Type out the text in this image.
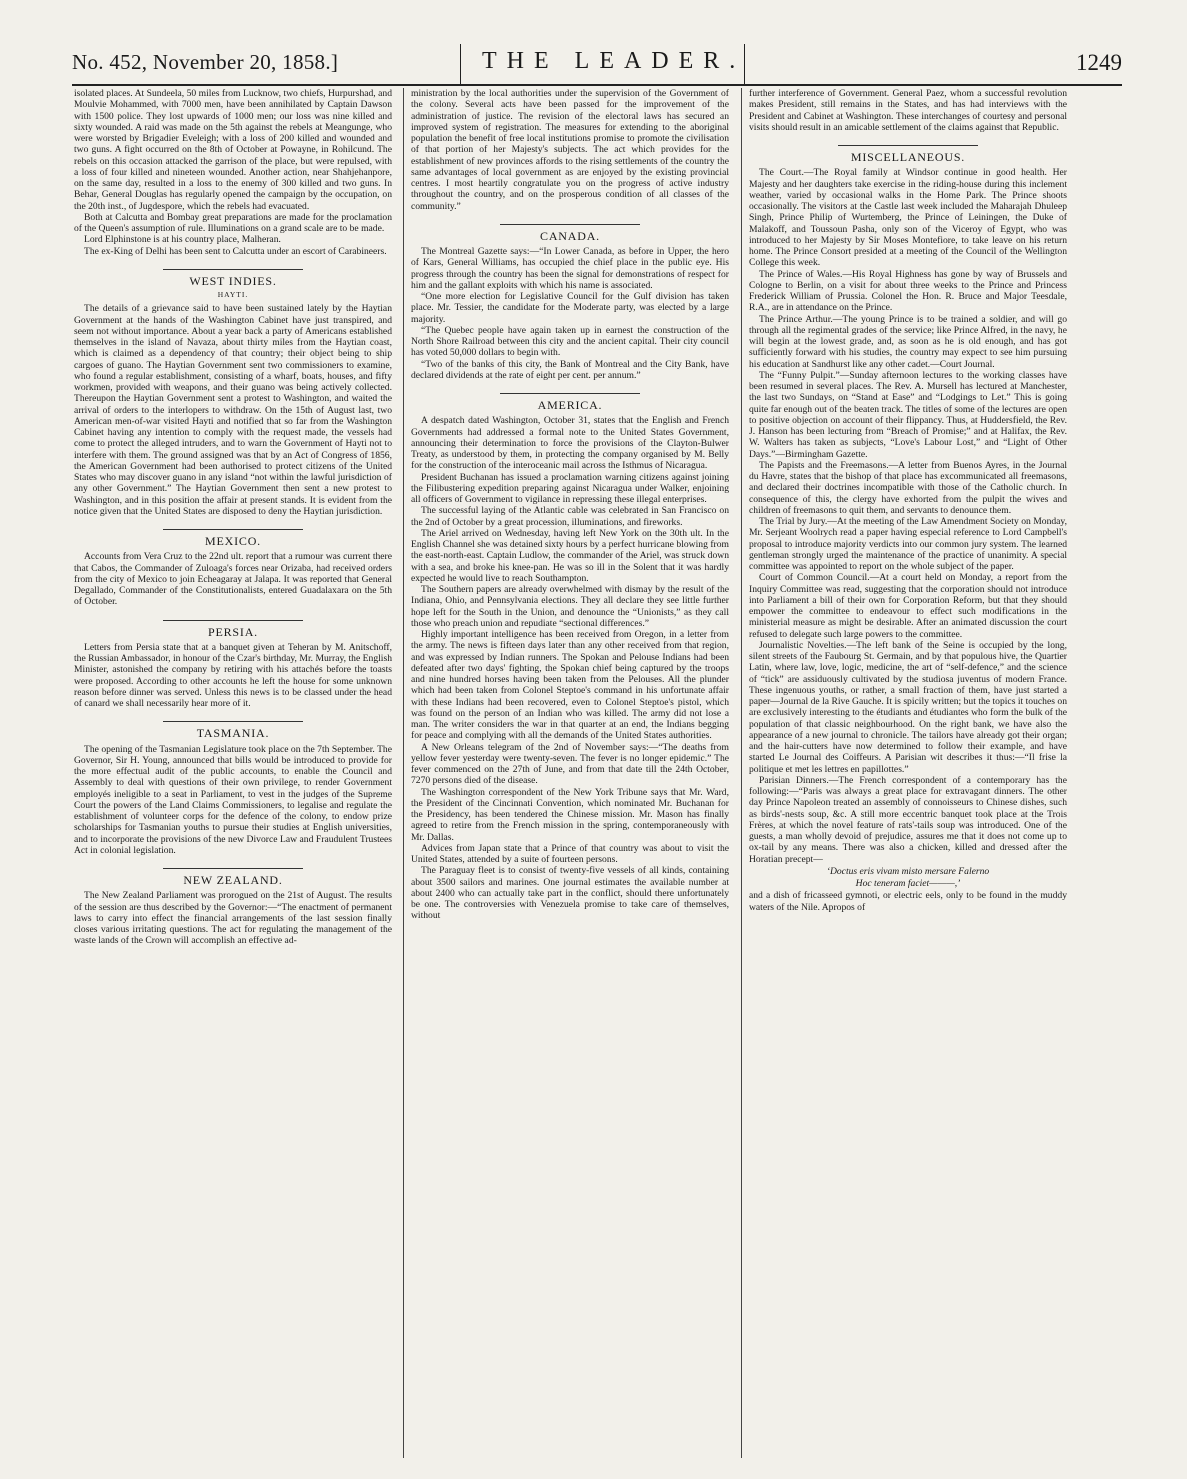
No. 452, November 20, 1858.]	THE LEADER.	1249

isolated places. At Sundeela, 50 miles from Lucknow, two chiefs, Hurpurshad, and Moulvie Mohammed, with 7000 men, have been annihilated by Captain Dawson with 1500 police. They lost upwards of 1000 men; our loss was nine killed and sixty wounded. A raid was made on the 5th against the rebels at Meangunge, who were worsted by Brigadier Eveleigh; with a loss of 200 killed and wounded and two guns. A fight occurred on the 8th of October at Powayne, in Rohilcund. The rebels on this occasion attacked the garrison of the place, but were repulsed, with a loss of four killed and nineteen wounded. Another action, near Shahjehanpore, on the same day, resulted in a loss to the enemy of 300 killed and two guns. In Behar, General Douglas has regularly opened the campaign by the occupation, on the 20th inst., of Jugdespore, which the rebels had evacuated.

Both at Calcutta and Bombay great preparations are made for the proclamation of the Queen's assumption of rule. Illuminations on a grand scale are to be made.

Lord Elphinstone is at his country place, Malheran.

The ex-King of Delhi has been sent to Calcutta under an escort of Carabineers.

WEST INDIES.
HAYTI.

The details of a grievance said to have been sustained lately by the Haytian Government at the hands of the Washington Cabinet have just transpired, and seem not without importance. About a year back a party of Americans established themselves in the island of Navaza, about thirty miles from the Haytian coast, which is claimed as a dependency of that country; their object being to ship cargoes of guano. The Haytian Government sent two commissioners to examine, who found a regular establishment, consisting of a wharf, boats, houses, and fifty workmen, provided with weapons, and their guano was being actively collected. Thereupon the Haytian Government sent a protest to Washington, and waited the arrival of orders to the interlopers to withdraw. On the 15th of August last, two American men-of-war visited Hayti and notified that so far from the Washington Cabinet having any intention to comply with the request made, the vessels had come to protect the alleged intruders, and to warn the Government of Hayti not to interfere with them. The ground assigned was that by an Act of Congress of 1856, the American Government had been authorised to protect citizens of the United States who may discover guano in any island “not within the lawful jurisdiction of any other Government.” The Haytian Government then sent a new protest to Washington, and in this position the affair at present stands. It is evident from the notice given that the United States are disposed to deny the Haytian jurisdiction.

MEXICO.

Accounts from Vera Cruz to the 22nd ult. report that a rumour was current there that Cabos, the Commander of Zuloaga's forces near Orizaba, had received orders from the city of Mexico to join Echeagaray at Jalapa. It was reported that General Degallado, Commander of the Constitutionalists, entered Guadalaxara on the 5th of October.

PERSIA.

Letters from Persia state that at a banquet given at Teheran by M. Anitschoff, the Russian Ambassador, in honour of the Czar's birthday, Mr. Murray, the English Minister, astonished the company by retiring with his attachés before the toasts were proposed. According to other accounts he left the house for some unknown reason before dinner was served. Unless this news is to be classed under the head of canard we shall necessarily hear more of it.

TASMANIA.

The opening of the Tasmanian Legislature took place on the 7th September. The Governor, Sir H. Young, announced that bills would be introduced to provide for the more effectual audit of the public accounts, to enable the Council and Assembly to deal with questions of their own privilege, to render Government employés ineligible to a seat in Parliament, to vest in the judges of the Supreme Court the powers of the Land Claims Commissioners, to legalise and regulate the establishment of volunteer corps for the defence of the colony, to endow prize scholarships for Tasmanian youths to pursue their studies at English universities, and to incorporate the provisions of the new Divorce Law and Fraudulent Trustees Act in colonial legislation.

NEW ZEALAND.

The New Zealand Parliament was prorogued on the 21st of August. The results of the session are thus described by the Governor:—“The enactment of permanent laws to carry into effect the financial arrangements of the last session finally closes various irritating questions. The act for regulating the management of the waste lands of the Crown will accomplish an effective ad-

ministration by the local authorities under the supervision of the Government of the colony. Several acts have been passed for the improvement of the administration of justice. The revision of the electoral laws has secured an improved system of registration. The measures for extending to the aboriginal population the benefit of free local institutions promise to promote the civilisation of that portion of her Majesty's subjects. The act which provides for the establishment of new provinces affords to the rising settlements of the country the same advantages of local government as are enjoyed by the existing provincial centres. I most heartily congratulate you on the progress of active industry throughout the country, and on the prosperous condition of all classes of the community.”

CANADA.

The Montreal Gazette says:—“In Lower Canada, as before in Upper, the hero of Kars, General Williams, has occupied the chief place in the public eye. His progress through the country has been the signal for demonstrations of respect for him and the gallant exploits with which his name is associated.

“One more election for Legislative Council for the Gulf division has taken place. Mr. Tessier, the candidate for the Moderate party, was elected by a large majority.

“The Quebec people have again taken up in earnest the construction of the North Shore Railroad between this city and the ancient capital. Their city council has voted 50,000 dollars to begin with.

“Two of the banks of this city, the Bank of Montreal and the City Bank, have declared dividends at the rate of eight per cent. per annum.”

AMERICA.

A despatch dated Washington, October 31, states that the English and French Governments had addressed a formal note to the United States Government, announcing their determination to force the provisions of the Clayton-Bulwer Treaty, as understood by them, in protecting the company organised by M. Belly for the construction of the interoceanic mail across the Isthmus of Nicaragua.

President Buchanan has issued a proclamation warning citizens against joining the Filibustering expedition preparing against Nicaragua under Walker, enjoining all officers of Government to vigilance in repressing these illegal enterprises.

The successful laying of the Atlantic cable was celebrated in San Francisco on the 2nd of October by a great procession, illuminations, and fireworks.

The Ariel arrived on Wednesday, having left New York on the 30th ult. In the English Channel she was detained sixty hours by a perfect hurricane blowing from the east-north-east. Captain Ludlow, the commander of the Ariel, was struck down with a sea, and broke his knee-pan. He was so ill in the Solent that it was hardly expected he would live to reach Southampton.

The Southern papers are already overwhelmed with dismay by the result of the Indiana, Ohio, and Pennsylvania elections. They all declare they see little further hope left for the South in the Union, and denounce the “Unionists,” as they call those who preach union and repudiate “sectional differences.”

Highly important intelligence has been received from Oregon, in a letter from the army. The news is fifteen days later than any other received from that region, and was expressed by Indian runners. The Spokan and Pelouse Indians had been defeated after two days' fighting, the Spokan chief being captured by the troops and nine hundred horses having been taken from the Pelouses. All the plunder which had been taken from Colonel Steptoe's command in his unfortunate affair with these Indians had been recovered, even to Colonel Steptoe's pistol, which was found on the person of an Indian who was killed. The army did not lose a man. The writer considers the war in that quarter at an end, the Indians begging for peace and complying with all the demands of the United States authorities.

A New Orleans telegram of the 2nd of November says:—“The deaths from yellow fever yesterday were twenty-seven. The fever is no longer epidemic.” The fever commenced on the 27th of June, and from that date till the 24th October, 7270 persons died of the disease.

The Washington correspondent of the New York Tribune says that Mr. Ward, the President of the Cincinnati Convention, which nominated Mr. Buchanan for the Presidency, has been tendered the Chinese mission. Mr. Mason has finally agreed to retire from the French mission in the spring, contemporaneously with Mr. Dallas.

Advices from Japan state that a Prince of that country was about to visit the United States, attended by a suite of fourteen persons.

The Paraguay fleet is to consist of twenty-five vessels of all kinds, containing about 3500 sailors and marines. One journal estimates the available number at about 2400 who can actually take part in the conflict, should there unfortunately be one. The controversies with Venezuela promise to take care of themselves, without

further interference of Government. General Paez, whom a successful revolution makes President, still remains in the States, and has had interviews with the President and Cabinet at Washington. These interchanges of courtesy and personal visits should result in an amicable settlement of the claims against that Republic.

MISCELLANEOUS.

The Court.—The Royal family at Windsor continue in good health. Her Majesty and her daughters take exercise in the riding-house during this inclement weather, varied by occasional walks in the Home Park. The Prince shoots occasionally. The visitors at the Castle last week included the Maharajah Dhuleep Singh, Prince Philip of Wurtemberg, the Prince of Leiningen, the Duke of Malakoff, and Toussoun Pasha, only son of the Viceroy of Egypt, who was introduced to her Majesty by Sir Moses Montefiore, to take leave on his return home. The Prince Consort presided at a meeting of the Council of the Wellington College this week.

The Prince of Wales.—His Royal Highness has gone by way of Brussels and Cologne to Berlin, on a visit for about three weeks to the Prince and Princess Frederick William of Prussia. Colonel the Hon. R. Bruce and Major Teesdale, R.A., are in attendance on the Prince.

The Prince Arthur.—The young Prince is to be trained a soldier, and will go through all the regimental grades of the service; like Prince Alfred, in the navy, he will begin at the lowest grade, and, as soon as he is old enough, and has got sufficiently forward with his studies, the country may expect to see him pursuing his education at Sandhurst like any other cadet.—Court Journal.

The “Funny Pulpit.”—Sunday afternoon lectures to the working classes have been resumed in several places. The Rev. A. Mursell has lectured at Manchester, the last two Sundays, on “Stand at Ease” and “Lodgings to Let.” This is going quite far enough out of the beaten track. The titles of some of the lectures are open to positive objection on account of their flippancy. Thus, at Huddersfield, the Rev. J. Hanson has been lecturing from “Breach of Promise;” and at Halifax, the Rev. W. Walters has taken as subjects, “Love's Labour Lost,” and “Light of Other Days.”—Birmingham Gazette.

The Papists and the Freemasons.—A letter from Buenos Ayres, in the Journal du Havre, states that the bishop of that place has excommunicated all freemasons, and declared their doctrines incompatible with those of the Catholic church. In consequence of this, the clergy have exhorted from the pulpit the wives and children of freemasons to quit them, and servants to denounce them.

The Trial by Jury.—At the meeting of the Law Amendment Society on Monday, Mr. Serjeant Woolrych read a paper having especial reference to Lord Campbell's proposal to introduce majority verdicts into our common jury system. The learned gentleman strongly urged the maintenance of the practice of unanimity. A special committee was appointed to report on the whole subject of the paper.

Court of Common Council.—At a court held on Monday, a report from the Inquiry Committee was read, suggesting that the corporation should not introduce into Parliament a bill of their own for Corporation Reform, but that they should empower the committee to endeavour to effect such modifications in the ministerial measure as might be desirable. After an animated discussion the court refused to delegate such large powers to the committee.

Journalistic Novelties.—The left bank of the Seine is occupied by the long, silent streets of the Faubourg St. Germain, and by that populous hive, the Quartier Latin, where law, love, logic, medicine, the art of “self-defence,” and the science of “tick” are assiduously cultivated by the studiosa juventus of modern France. These ingenuous youths, or rather, a small fraction of them, have just started a paper—Journal de la Rive Gauche. It is spicily written; but the topics it touches on are exclusively interesting to the étudiants and étudiantes who form the bulk of the population of that classic neighbourhood. On the right bank, we have also the appearance of a new journal to chronicle. The tailors have already got their organ; and the hair-cutters have now determined to follow their example, and have started Le Journal des Coiffeurs. A Parisian wit describes it thus:—“Il frise la politique et met les lettres en papillottes.”

Parisian Dinners.—The French correspondent of a contemporary has the following:—“Paris was always a great place for extravagant dinners. The other day Prince Napoleon treated an assembly of connoisseurs to Chinese dishes, such as birds'-nests soup, &c. A still more eccentric banquet took place at the Trois Frères, at which the novel feature of rats'-tails soup was introduced. One of the guests, a man wholly devoid of prejudice, assures me that it does not come up to ox-tail by any means. There was also a chicken, killed and dressed after the Horatian precept—

‘Doctus eris vivam misto mersare Falerno
Hoc teneram faciet———,’

and a dish of fricasseed gymnoti, or electric eels, only to be found in the muddy waters of the Nile. Apropos of
